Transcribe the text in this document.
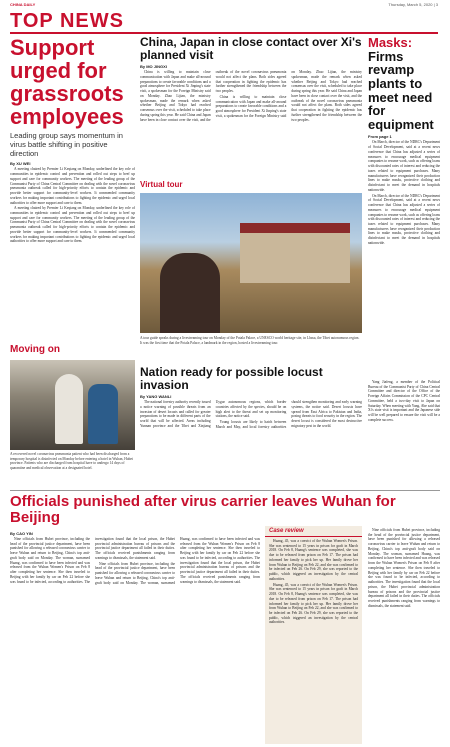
CHINA DAILY	Thursday, March 5, 2020 | 3
TOP NEWS
Support urged for grassroots employees
Leading group says momentum in virus battle shifting in positive direction
By XU WEI

A meeting chaired by Premier Li Keqiang on Monday, underlined the key role of communities in epidemic control and prevention and rolled out steps to beef up support and care for community workers. The meeting of the leading group of the Communist Party of China Central Committee on dealing with the novel coronavirus pneumonia outbreak called for high-priority efforts to contain the epidemic and provide better support for community-level workers. It commended community workers for making important contributions to fighting the epidemic and urged local authorities to offer more support and care to them.

A meeting chaired by Premier Li Keqiang on Monday, underlined the key role of communities in epidemic control and prevention and rolled out steps to beef up support and care for community workers. The meeting of the leading group of the Communist Party of China Central Committee on dealing with the novel coronavirus pneumonia outbreak called for high-priority efforts to contain the epidemic and provide better support for community-level workers. It commended community workers for making important contributions to fighting the epidemic and urged local authorities to offer more support and care to them.

Moving on
A recovered novel coronavirus pneumonia patient who had been discharged from a temporary hospital is disinfected on Monday before entering a hotel in Wuhan, Hubei province. Patients who are discharged from hospital have to undergo 14 days of quarantine and medical observation at a designated hotel.
China, Japan in close contact over Xi's planned visit
By MO JINGXI

China is willing to maintain close communication with Japan and make all-around preparations to create favorable conditions and a good atmosphere for President Xi Jinping's state visit, a spokesman for the Foreign Ministry said on Monday. Zhao Lijian, the ministry spokesman, made the remark when asked whether Beijing and Tokyo had reached consensus over the visit, scheduled to take place during spring this year. He said China and Japan have been in close contact over the visit, and the outbreak of the novel coronavirus pneumonia would not affect the plans. Both sides agreed that cooperation in fighting the epidemic has further strengthened the friendship between the two peoples.

China is willing to maintain close communication with Japan and make all-around preparations to create favorable conditions and a good atmosphere for President Xi Jinping's state visit, a spokesman for the Foreign Ministry said on Monday. Zhao Lijian, the ministry spokesman, made the remark when asked whether Beijing and Tokyo had reached consensus over the visit, scheduled to take place during spring this year. He said China and Japan have been in close contact over the visit, and the outbreak of the novel coronavirus pneumonia would not affect the plans. Both sides agreed that cooperation in fighting the epidemic has further strengthened the friendship between the two peoples.

Masks: Firms revamp plants to meet need for equipment
From page 1

On March, director of the NDRC's Department of Social Development, said at a recent news conference that China has adjusted a series of measures to encourage medical equipment companies to resume work, such as offering loans with discounted rates of interest and reducing the taxes related to equipment purchases. Many manufacturers have reorganized their production lines to make masks, protective clothing and disinfectant to meet the demand in hospitals nationwide.

On March, director of the NDRC's Department of Social Development, said at a recent news conference that China has adjusted a series of measures to encourage medical equipment companies to resume work, such as offering loans with discounted rates of interest and reducing the taxes related to equipment purchases. Many manufacturers have reorganized their production lines to make masks, protective clothing and disinfectant to meet the demand in hospitals nationwide.

Virtual tour
A tour guide speaks during a livestreaming tour on Monday of the Potala Palace, a UNESCO world heritage site, in Lhasa, the Tibet autonomous region. It was the first time that the Potala Palace, a landmark in the region, hosted a livestreaming tour.
Nation ready for possible locust invasion
By YANG WANLI

The national forestry authority recently issued a notice warning of possible threats from an invasion of desert locusts and called for greater preparations to be made in different parts of the world that will be affected. Areas including Yunnan province and the Tibet and Xinjiang Uygur autonomous regions, which border countries affected by the species, should be on high alert to the threat and set up monitoring stations, the notice said.

Young locusts are likely to hatch between March and May, and local forestry authorities should strengthen monitoring and early warning systems, the notice said. Desert locusts have spread from East Africa to Pakistan and India, posing threats to food security in the region. The desert locust is considered the most destructive migratory pest in the world.

Yang Jiafeng, a member of the Political Bureau of the Communist Party of China Central Committee and director of the Office of the Foreign Affairs Commission of the CPC Central Committee, held a two-day visit to Japan on Saturday. When meeting with Yang, Abe said that Xi's state visit is important and the Japanese side will be well prepared to ensure the visit will be a complete success.

Officials punished after virus carrier leaves Wuhan for Beijing
By CAO YIN

Nine officials from Hubei province, including the head of the provincial justice department, have been punished for allowing a released coronavirus carrier to leave Wuhan and return to Beijing, China's top anti-graft body said on Monday. The woman, surnamed Huang, was confirmed to have been infected and was released from the Wuhan Women's Prison on Feb 8 after completing her sentence. She then traveled to Beijing with her family by car on Feb 22 before she was found to be infected, according to authorities. The investigation found that the local prison, the Hubei provincial administration bureau of prisons and the provincial justice department all failed in their duties. The officials received punishments ranging from warnings to dismissals, the statement said.

Nine officials from Hubei province, including the head of the provincial justice department, have been punished for allowing a released coronavirus carrier to leave Wuhan and return to Beijing, China's top anti-graft body said on Monday. The woman, surnamed Huang, was confirmed to have been infected and was released from the Wuhan Women's Prison on Feb 8 after completing her sentence. She then traveled to Beijing with her family by car on Feb 22 before she was found to be infected, according to authorities. The investigation found that the local prison, the Hubei provincial administration bureau of prisons and the provincial justice department all failed in their duties. The officials received punishments ranging from warnings to dismissals, the statement said.

Case review

Huang, 45, was a convict of the Wuhan Women's Prison. She was sentenced to 15 years in prison for graft in March 2018. On Feb 8, Huang's sentence was completed, she was due to be released from prison on Feb 17. The prison had informed her family to pick her up. Her family drove her from Wuhan to Beijing on Feb 22, and she was confirmed to be infected on Feb 26. On Feb 29, she was reported to the public, which triggered an investigation by the central authorities.

Huang, 45, was a convict of the Wuhan Women's Prison. She was sentenced to 15 years in prison for graft in March 2018. On Feb 8, Huang's sentence was completed, she was due to be released from prison on Feb 17. The prison had informed her family to pick her up. Her family drove her from Wuhan to Beijing on Feb 22, and she was confirmed to be infected on Feb 26. On Feb 29, she was reported to the public, which triggered an investigation by the central authorities.

Nine officials from Hubei province, including the head of the provincial justice department, have been punished for allowing a released coronavirus carrier to leave Wuhan and return to Beijing, China's top anti-graft body said on Monday. The woman, surnamed Huang, was confirmed to have been infected and was released from the Wuhan Women's Prison on Feb 8 after completing her sentence. She then traveled to Beijing with her family by car on Feb 22 before she was found to be infected, according to authorities. The investigation found that the local prison, the Hubei provincial administration bureau of prisons and the provincial justice department all failed in their duties. The officials received punishments ranging from warnings to dismissals, the statement said.
